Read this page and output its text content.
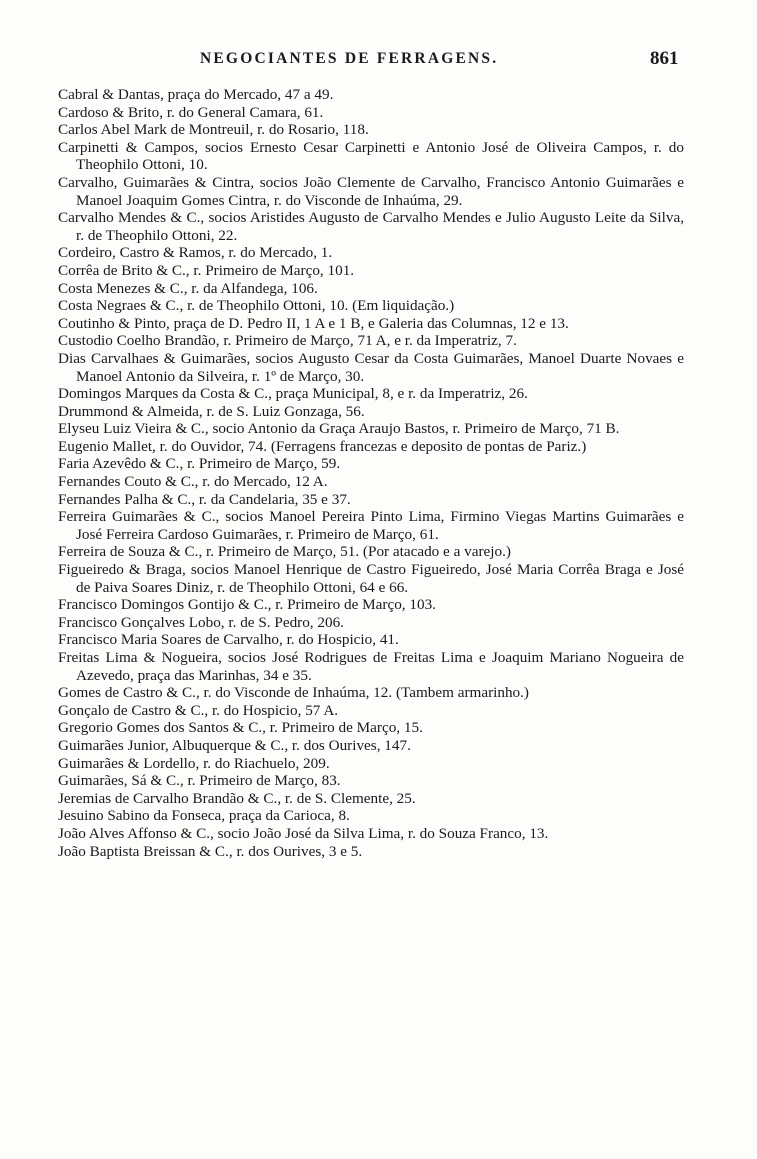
NEGOCIANTES DE FERRAGENS.	861
Cabral & Dantas, praça do Mercado, 47 a 49.
Cardoso & Brito, r. do General Camara, 61.
Carlos Abel Mark de Montreuil, r. do Rosario, 118.
Carpinetti & Campos, socios Ernesto Cesar Carpinetti e Antonio José de Oliveira Campos, r. do Theophilo Ottoni, 10.
Carvalho, Guimarães & Cintra, socios João Clemente de Carvalho, Francisco Antonio Guimarães e Manoel Joaquim Gomes Cintra, r. do Visconde de Inhaúma, 29.
Carvalho Mendes & C., socios Aristides Augusto de Carvalho Mendes e Julio Augusto Leite da Silva, r. de Theophilo Ottoni, 22.
Cordeiro, Castro & Ramos, r. do Mercado, 1.
Corrêa de Brito & C., r. Primeiro de Março, 101.
Costa Menezes & C., r. da Alfandega, 106.
Costa Negraes & C., r. de Theophilo Ottoni, 10. (Em liquidação.)
Coutinho & Pinto, praça de D. Pedro II, 1 A e 1 B, e Galeria das Columnas, 12 e 13.
Custodio Coelho Brandão, r. Primeiro de Março, 71 A, e r. da Imperatriz, 7.
Dias Carvalhaes & Guimarães, socios Augusto Cesar da Costa Guimarães, Manoel Duarte Novaes e Manoel Antonio da Silveira, r. 1º de Março, 30.
Domingos Marques da Costa & C., praça Municipal, 8, e r. da Imperatriz, 26.
Drummond & Almeida, r. de S. Luiz Gonzaga, 56.
Elyseu Luiz Vieira & C., socio Antonio da Graça Araujo Bastos, r. Primeiro de Março, 71 B.
Eugenio Mallet, r. do Ouvidor, 74. (Ferragens francezas e deposito de pontas de Pariz.)
Faria Azevêdo & C., r. Primeiro de Março, 59.
Fernandes Couto & C., r. do Mercado, 12 A.
Fernandes Palha & C., r. da Candelaria, 35 e 37.
Ferreira Guimarães & C., socios Manoel Pereira Pinto Lima, Firmino Viegas Martins Guimarães e José Ferreira Cardoso Guimarães, r. Primeiro de Março, 61.
Ferreira de Souza & C., r. Primeiro de Março, 51. (Por atacado e a varejo.)
Figueiredo & Braga, socios Manoel Henrique de Castro Figueiredo, José Maria Corrêa Braga e José de Paiva Soares Diniz, r. de Theophilo Ottoni, 64 e 66.
Francisco Domingos Gontijo & C., r. Primeiro de Março, 103.
Francisco Gonçalves Lobo, r. de S. Pedro, 206.
Francisco Maria Soares de Carvalho, r. do Hospicio, 41.
Freitas Lima & Nogueira, socios José Rodrigues de Freitas Lima e Joaquim Mariano Nogueira de Azevedo, praça das Marinhas, 34 e 35.
Gomes de Castro & C., r. do Visconde de Inhaúma, 12. (Tambem armarinho.)
Gonçalo de Castro & C., r. do Hospicio, 57 A.
Gregorio Gomes dos Santos & C., r. Primeiro de Março, 15.
Guimarães Junior, Albuquerque & C., r. dos Ourives, 147.
Guimarães & Lordello, r. do Riachuelo, 209.
Guimarães, Sá & C., r. Primeiro de Março, 83.
Jeremias de Carvalho Brandão & C., r. de S. Clemente, 25.
Jesuino Sabino da Fonseca, praça da Carioca, 8.
João Alves Affonso & C., socio João José da Silva Lima, r. do Souza Franco, 13.
João Baptista Breissan & C., r. dos Ourives, 3 e 5.
